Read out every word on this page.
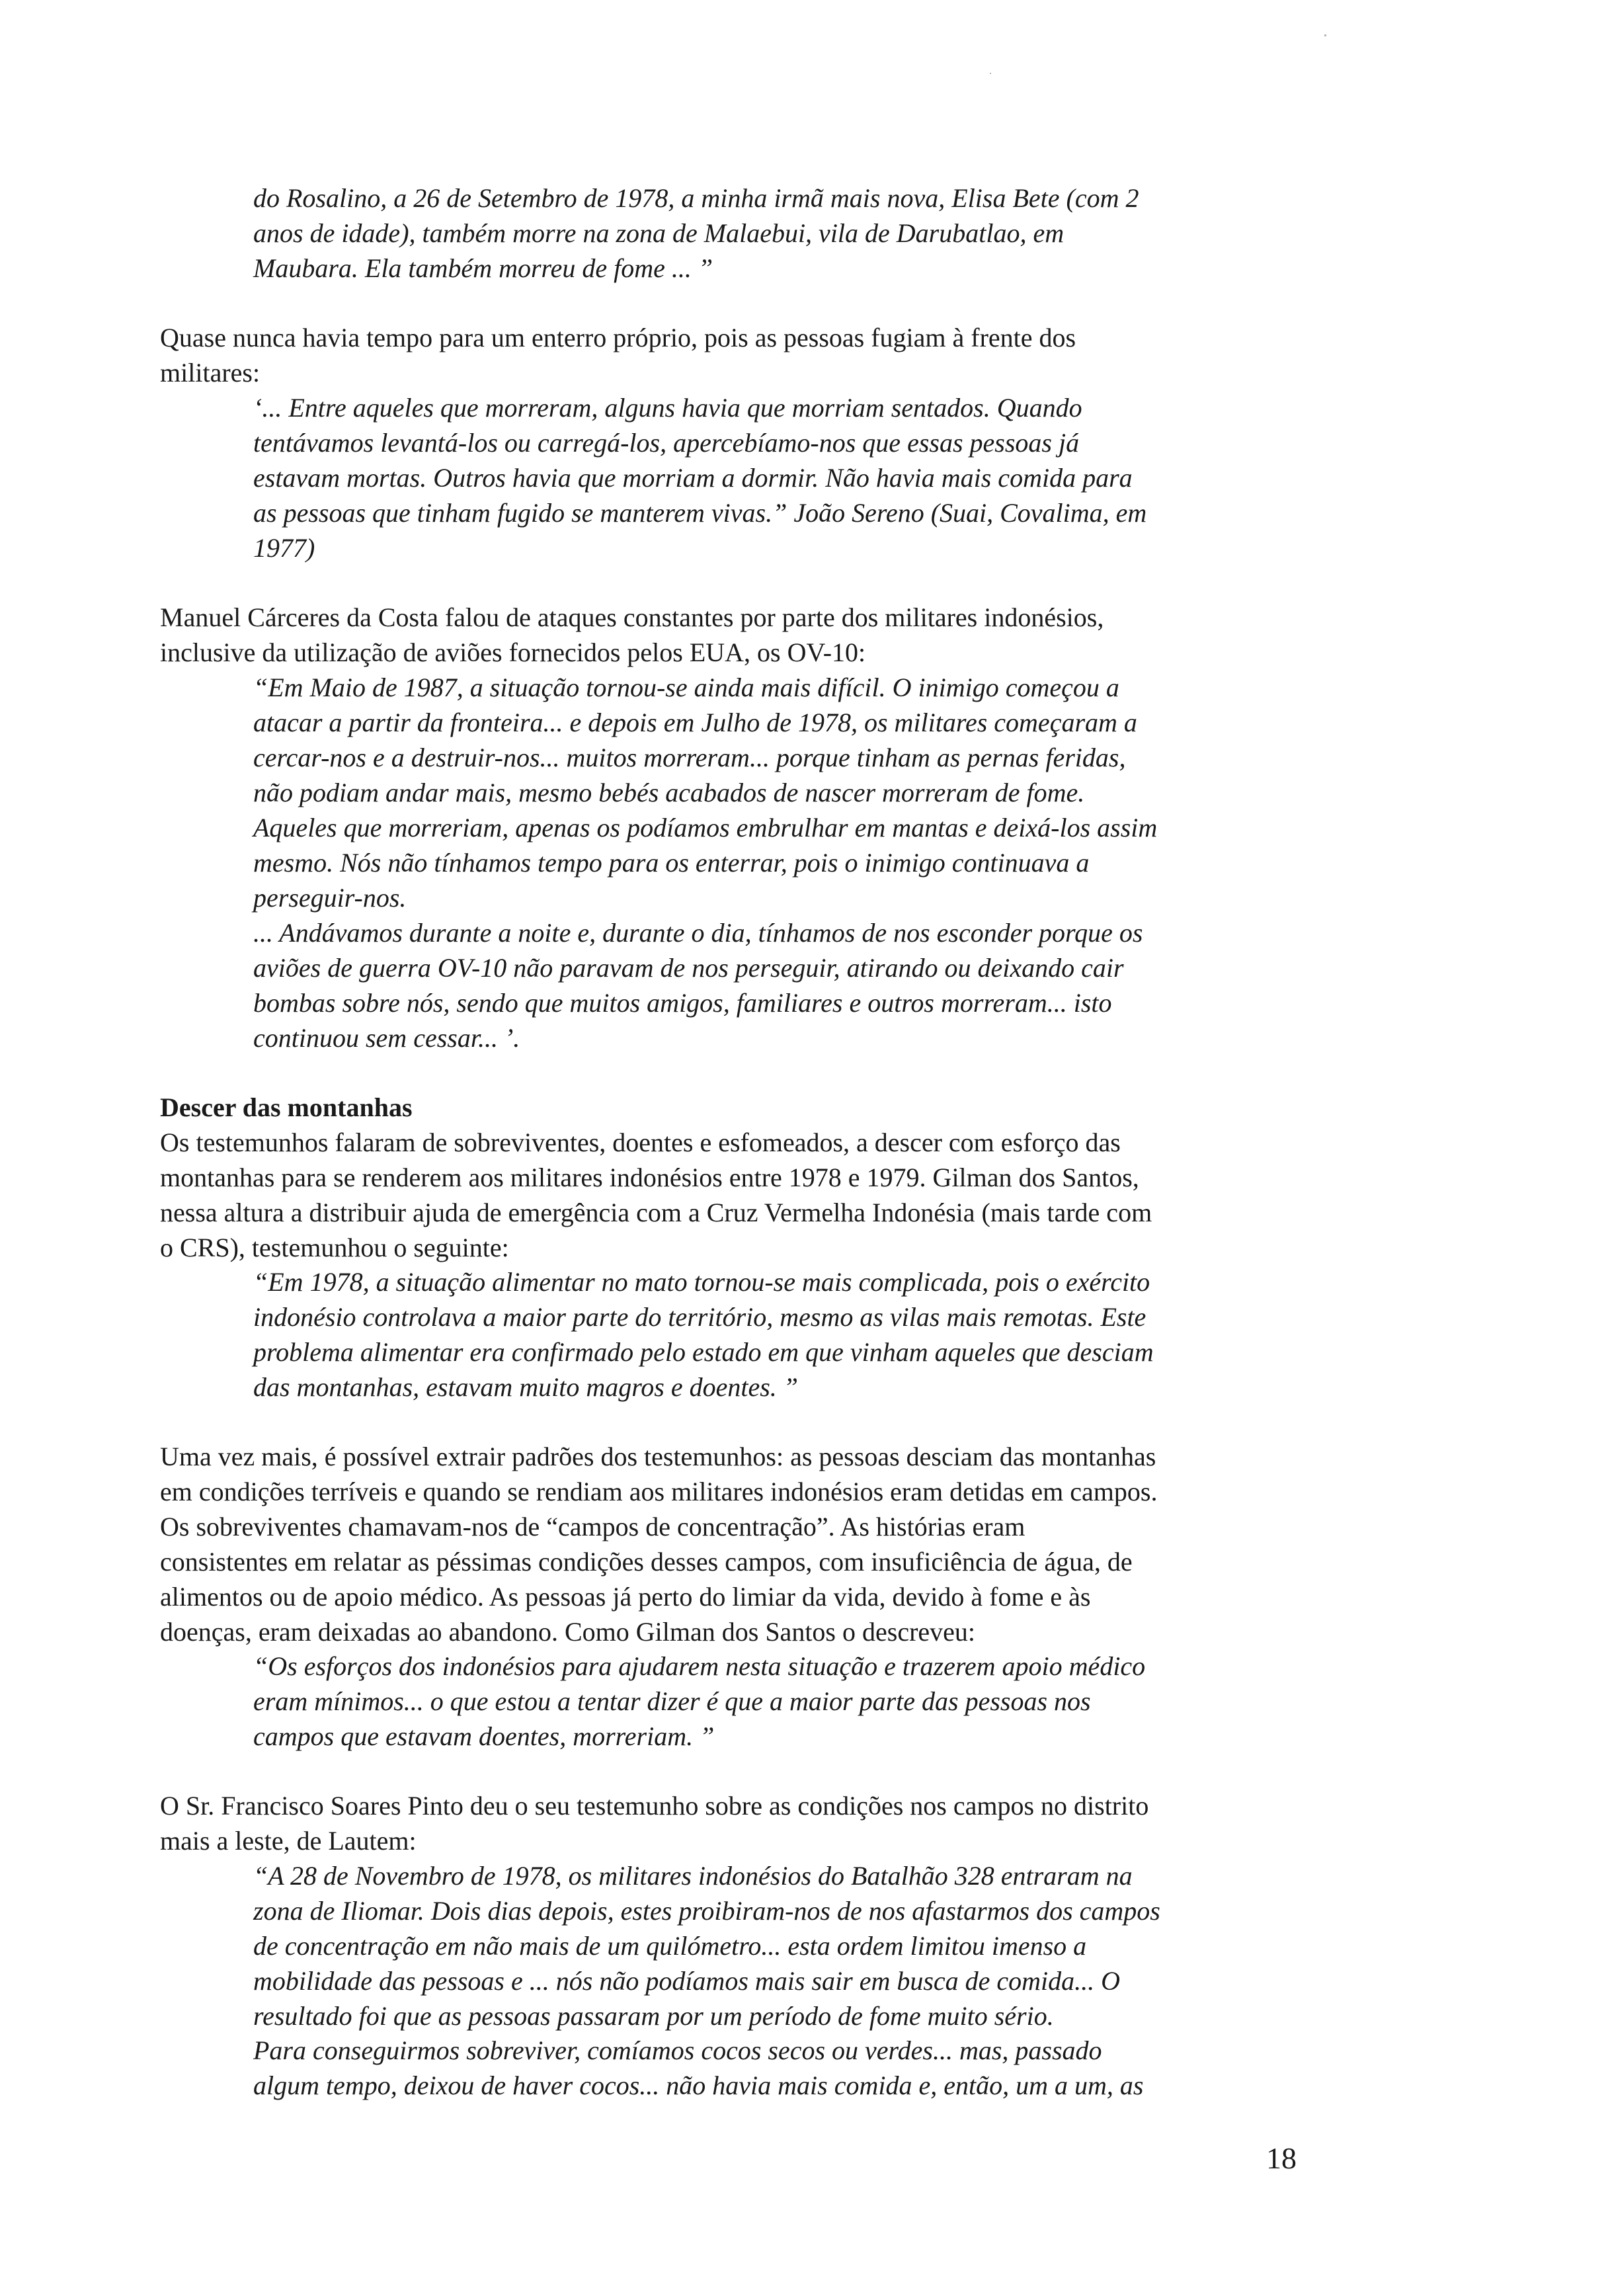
do Rosalino, a 26 de Setembro de 1978, a minha irmã mais nova, Elisa Bete (com 2
anos de idade), também morre na zona de Malaebui, vila de Darubatlao, em
Maubara. Ela também morreu de fome ... ”

Quase nunca havia tempo para um enterro próprio, pois as pessoas fugiam à frente dos
militares:

‘... Entre aqueles que morreram, alguns havia que morriam sentados. Quando
tentávamos levantá-los ou carregá-los, apercebíamo-nos que essas pessoas já
estavam mortas. Outros havia que morriam a dormir. Não havia mais comida para
as pessoas que tinham fugido se manterem vivas.” João Sereno (Suai, Covalima, em
1977)

Manuel Cárceres da Costa falou de ataques constantes por parte dos militares indonésios,
inclusive da utilização de aviões fornecidos pelos EUA, os OV-10:

“Em Maio de 1987, a situação tornou-se ainda mais difícil. O inimigo começou a
atacar a partir da fronteira... e depois em Julho de 1978, os militares começaram a
cercar-nos e a destruir-nos... muitos morreram... porque tinham as pernas feridas,
não podiam andar mais, mesmo bebés acabados de nascer morreram de fome.
Aqueles que morreriam, apenas os podíamos embrulhar em mantas e deixá-los assim
mesmo. Nós não tínhamos tempo para os enterrar, pois o inimigo continuava a
perseguir-nos.
... Andávamos durante a noite e, durante o dia, tínhamos de nos esconder porque os
aviões de guerra OV-10 não paravam de nos perseguir, atirando ou deixando cair
bombas sobre nós, sendo que muitos amigos, familiares e outros morreram... isto
continuou sem cessar... ’.

Descer das montanhas

Os testemunhos falaram de sobreviventes, doentes e esfomeados, a descer com esforço das
montanhas para se renderem aos militares indonésios entre 1978 e 1979. Gilman dos Santos,
nessa altura a distribuir ajuda de emergência com a Cruz Vermelha Indonésia (mais tarde com
o CRS), testemunhou o seguinte:

“Em 1978, a situação alimentar no mato tornou-se mais complicada, pois o exército
indonésio controlava a maior parte do território, mesmo as vilas mais remotas. Este
problema alimentar era confirmado pelo estado em que vinham aqueles que desciam
das montanhas, estavam muito magros e doentes. ”

Uma vez mais, é possível extrair padrões dos testemunhos: as pessoas desciam das montanhas
em condições terríveis e quando se rendiam aos militares indonésios eram detidas em campos.
Os sobreviventes chamavam-nos de “campos de concentração”. As histórias eram
consistentes em relatar as péssimas condições desses campos, com insuficiência de água, de
alimentos ou de apoio médico. As pessoas já perto do limiar da vida, devido à fome e às
doenças, eram deixadas ao abandono. Como Gilman dos Santos o descreveu:

“Os esforços dos indonésios para ajudarem nesta situação e trazerem apoio médico
eram mínimos... o que estou a tentar dizer é que a maior parte das pessoas nos
campos que estavam doentes, morreriam. ”

O Sr. Francisco Soares Pinto deu o seu testemunho sobre as condições nos campos no distrito
mais a leste, de Lautem:

“A 28 de Novembro de 1978, os militares indonésios do Batalhão 328 entraram na
zona de Iliomar. Dois dias depois, estes proibiram-nos de nos afastarmos dos campos
de concentração em não mais de um quilómetro... esta ordem limitou imenso a
mobilidade das pessoas e ... nós não podíamos mais sair em busca de comida... O
resultado foi que as pessoas passaram por um período de fome muito sério.

Para conseguirmos sobreviver, comíamos cocos secos ou verdes... mas, passado
algum tempo, deixou de haver cocos... não havia mais comida e, então, um a um, as

18
